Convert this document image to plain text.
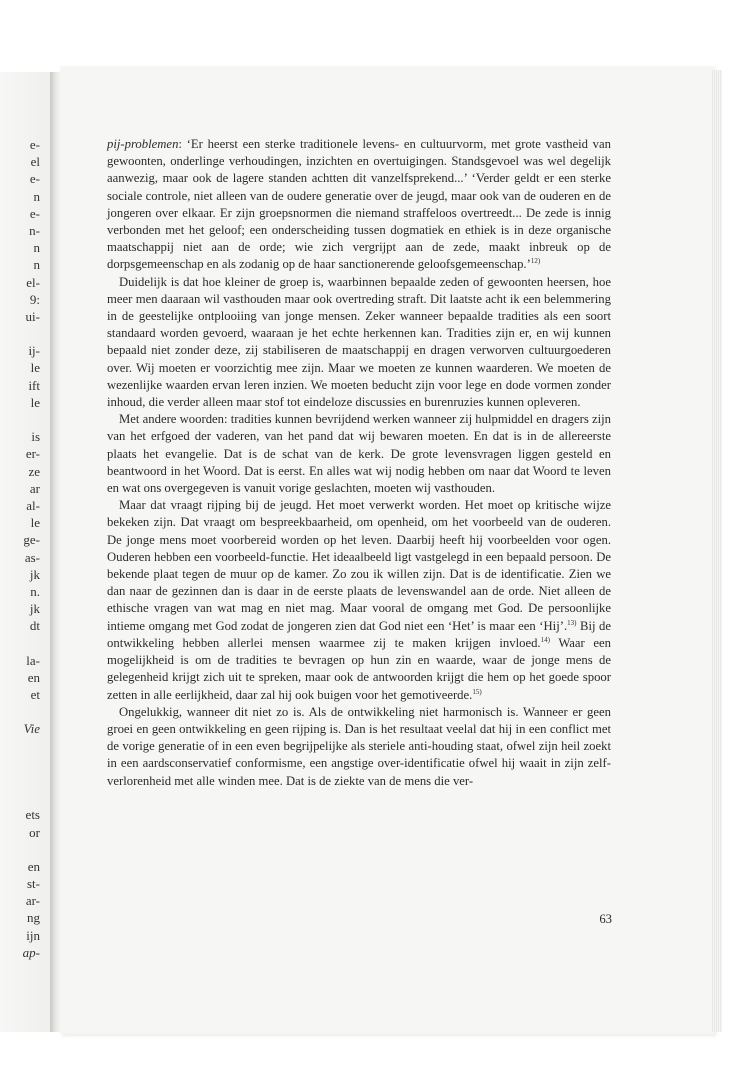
e-
el
e-
n
e-
n-
n
n
el-
9:
ui-
ij-
le
ift
le
is
er-
ze
ar
al-
le
ge-
as-
jk
n.
jk
dt
la-
en
et
Vie
ets
or
en
st-
ar-
ng
ijn
ap-

pij-problemen: ‘Er heerst een sterke traditionele levens- en cultuurvorm, met grote vastheid van gewoonten, onderlinge verhoudingen, inzichten en overtuigingen. Standsgevoel was wel degelijk aanwezig, maar ook de lagere standen achtten dit vanzelfsprekend...’ ‘Verder geldt er een sterke sociale controle, niet alleen van de oudere generatie over de jeugd, maar ook van de ouderen en de jongeren over elkaar. Er zijn groepsnormen die niemand straffeloos overtreedt... De zede is innig verbonden met het geloof; een onderscheiding tussen dogmatiek en ethiek is in deze organische maatschappij niet aan de orde; wie zich vergrijpt aan de zede, maakt inbreuk op de dorpsgemeenschap en als zodanig op de haar sanctionerende geloofsgemeenschap.’$^{12)}$

Duidelijk is dat hoe kleiner de groep is, waarbinnen bepaalde zeden of gewoonten heersen, hoe meer men daaraan wil vasthouden maar ook overtreding straft. Dit laatste acht ik een belemmering in de geestelijke ontplooiing van jonge mensen. Zeker wanneer bepaalde tradities als een soort standaard worden gevoerd, waaraan je het echte herkennen kan. Tradities zijn er, en wij kunnen bepaald niet zonder deze, zij stabiliseren de maatschappij en dragen verworven cultuurgoederen over. Wij moeten er voorzichtig mee zijn. Maar we moeten ze kunnen waarderen. We moeten de wezenlijke waarden ervan leren inzien. We moeten beducht zijn voor lege en dode vormen zonder inhoud, die verder alleen maar stof tot eindeloze discussies en burenruzies kunnen opleveren.

Met andere woorden: tradities kunnen bevrijdend werken wanneer zij hulpmiddel en dragers zijn van het erfgoed der vaderen, van het pand dat wij bewaren moeten. En dat is in de allereerste plaats het evangelie. Dat is de schat van de kerk. De grote levensvragen liggen gesteld en beantwoord in het Woord. Dat is eerst. En alles wat wij nodig hebben om naar dat Woord te leven en wat ons overgegeven is vanuit vorige geslachten, moeten wij vasthouden.

Maar dat vraagt rijping bij de jeugd. Het moet verwerkt worden. Het moet op kritische wijze bekeken zijn. Dat vraagt om bespreekbaarheid, om openheid, om het voorbeeld van de ouderen. De jonge mens moet voorbereid worden op het leven. Daarbij heeft hij voorbeelden voor ogen. Ouderen hebben een voorbeeld-functie. Het ideaalbeeld ligt vastgelegd in een bepaald persoon. De bekende plaat tegen de muur op de kamer. Zo zou ik willen zijn. Dat is de identificatie. Zien we dan naar de gezinnen dan is daar in de eerste plaats de levenswandel aan de orde. Niet alleen de ethische vragen van wat mag en niet mag. Maar vooral de omgang met God. De persoonlijke intieme omgang met God zodat de jongeren zien dat God niet een ‘Het’ is maar een ‘Hij’.$^{13)}$ Bij de ontwikkeling hebben allerlei mensen waarmee zij te maken krijgen invloed.$^{14)}$ Waar een mogelijkheid is om de tradities te bevragen op hun zin en waarde, waar de jonge mens de gelegenheid krijgt zich uit te spreken, maar ook de antwoorden krijgt die hem op het goede spoor zetten in alle eerlijkheid, daar zal hij ook buigen voor het gemotiveerde.$^{15)}$

Ongelukkig, wanneer dit niet zo is. Als de ontwikkeling niet harmonisch is. Wanneer er geen groei en geen ontwikkeling en geen rijping is. Dan is het resultaat veelal dat hij in een conflict met de vorige generatie of in een even begrijpelijke als steriele anti-houding staat, ofwel zijn heil zoekt in een aardsconservatief conformisme, een angstige over-identificatie ofwel hij waait in zijn zelf-verlorenheid met alle winden mee. Dat is de ziekte van de mens die ver-

63
